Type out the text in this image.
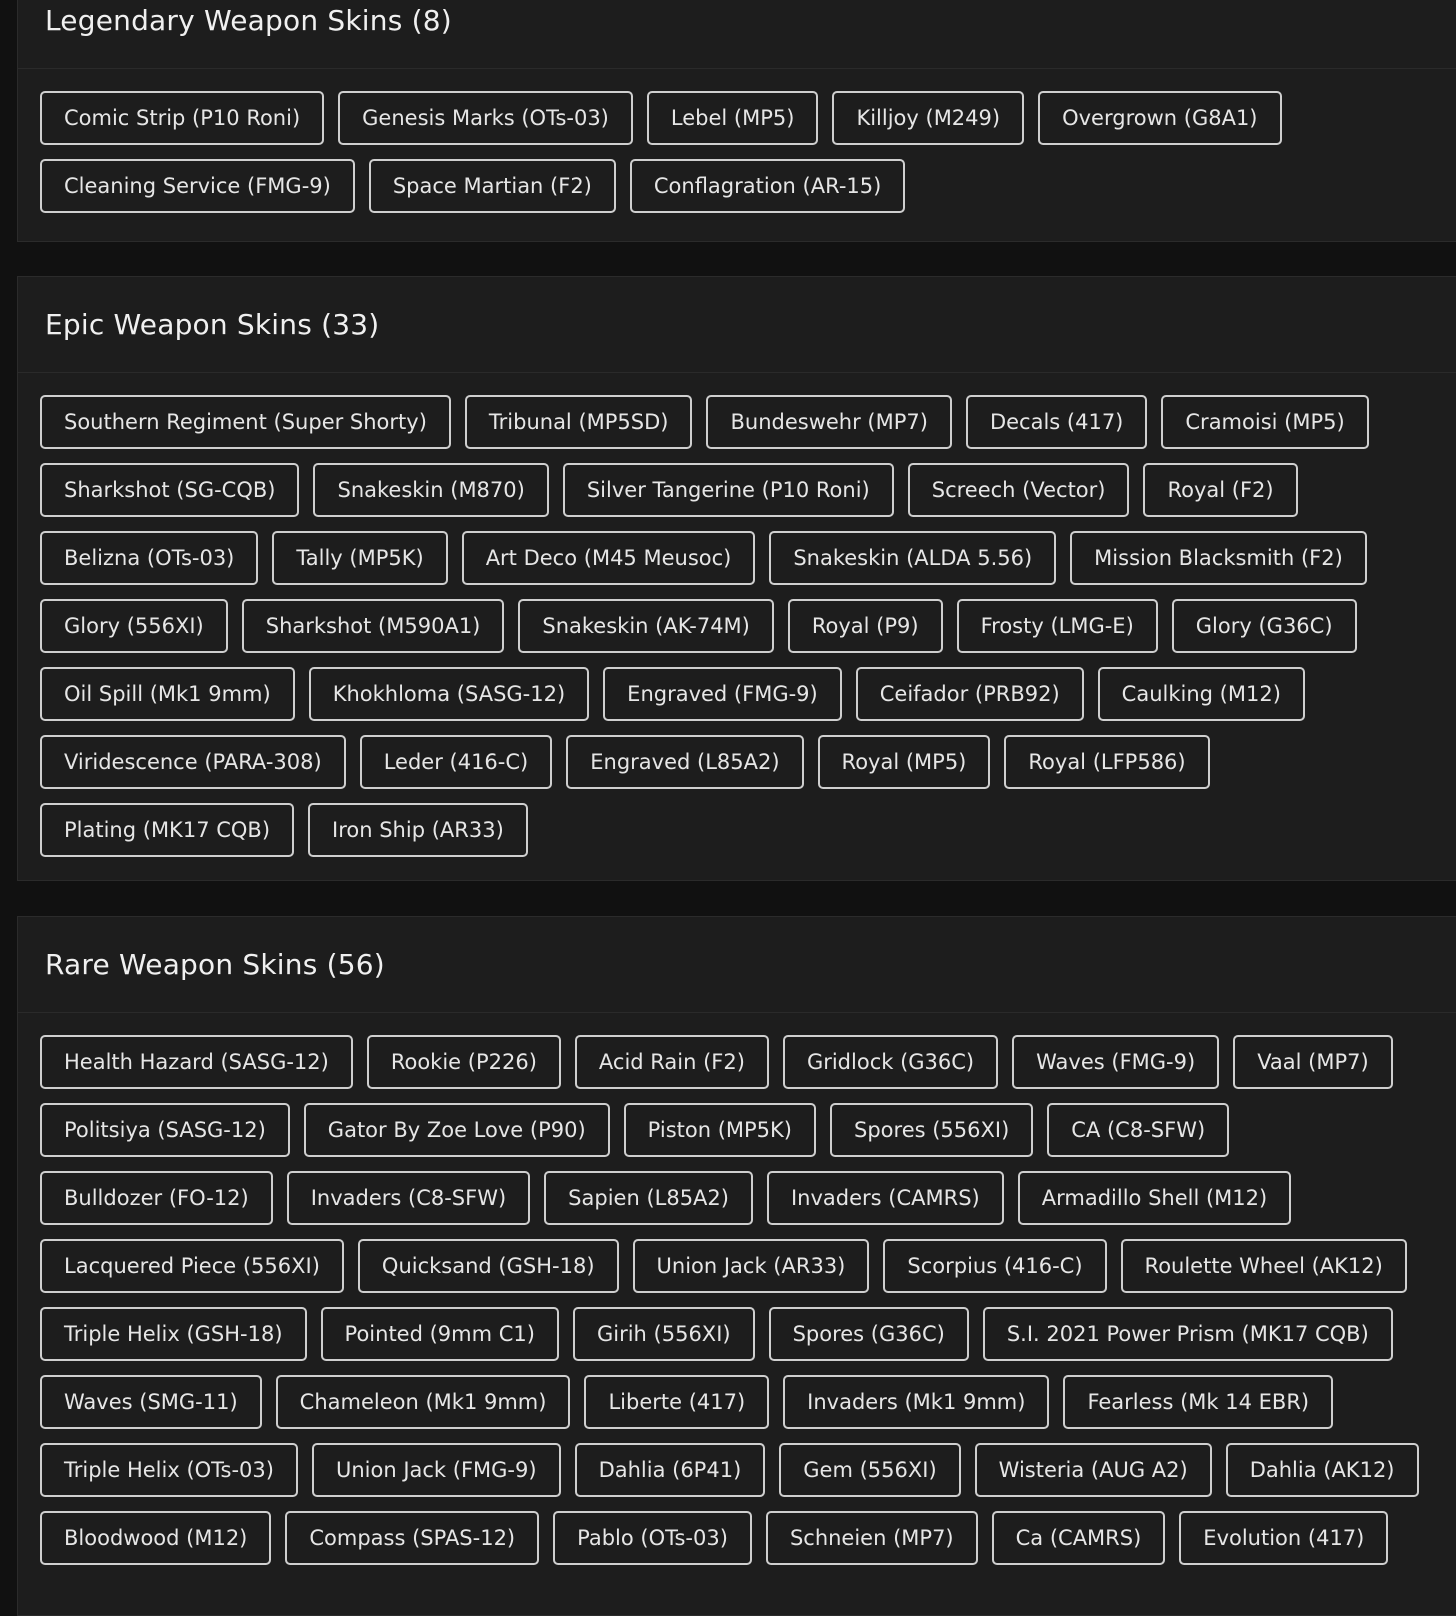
Legendary Weapon Skins (8)
Comic Strip (P10 Roni)	Genesis Marks (OTs-03)	Lebel (MP5)	Killjoy (M249)	Overgrown (G8A1)
Cleaning Service (FMG-9)	Space Martian (F2)	Conflagration (AR-15)
Epic Weapon Skins (33)
Southern Regiment (Super Shorty)	Tribunal (MP5SD)	Bundeswehr (MP7)	Decals (417)	Cramoisi (MP5)
Sharkshot (SG-CQB)	Snakeskin (M870)	Silver Tangerine (P10 Roni)	Screech (Vector)	Royal (F2)
Belizna (OTs-03)	Tally (MP5K)	Art Deco (M45 Meusoc)	Snakeskin (ALDA 5.56)	Mission Blacksmith (F2)
Glory (556XI)	Sharkshot (M590A1)	Snakeskin (AK-74M)	Royal (P9)	Frosty (LMG-E)	Glory (G36C)
Oil Spill (Mk1 9mm)	Khokhloma (SASG-12)	Engraved (FMG-9)	Ceifador (PRB92)	Caulking (M12)
Viridescence (PARA-308)	Leder (416-C)	Engraved (L85A2)	Royal (MP5)	Royal (LFP586)
Plating (MK17 CQB)	Iron Ship (AR33)
Rare Weapon Skins (56)
Health Hazard (SASG-12)	Rookie (P226)	Acid Rain (F2)	Gridlock (G36C)	Waves (FMG-9)	Vaal (MP7)
Politsiya (SASG-12)	Gator By Zoe Love (P90)	Piston (MP5K)	Spores (556XI)	CA (C8-SFW)
Bulldozer (FO-12)	Invaders (C8-SFW)	Sapien (L85A2)	Invaders (CAMRS)	Armadillo Shell (M12)
Lacquered Piece (556XI)	Quicksand (GSH-18)	Union Jack (AR33)	Scorpius (416-C)	Roulette Wheel (AK12)
Triple Helix (GSH-18)	Pointed (9mm C1)	Girih (556XI)	Spores (G36C)	S.I. 2021 Power Prism (MK17 CQB)
Waves (SMG-11)	Chameleon (Mk1 9mm)	Liberte (417)	Invaders (Mk1 9mm)	Fearless (Mk 14 EBR)
Triple Helix (OTs-03)	Union Jack (FMG-9)	Dahlia (6P41)	Gem (556XI)	Wisteria (AUG A2)	Dahlia (AK12)
Bloodwood (M12)	Compass (SPAS-12)	Pablo (OTs-03)	Schneien (MP7)	Ca (CAMRS)	Evolution (417)
